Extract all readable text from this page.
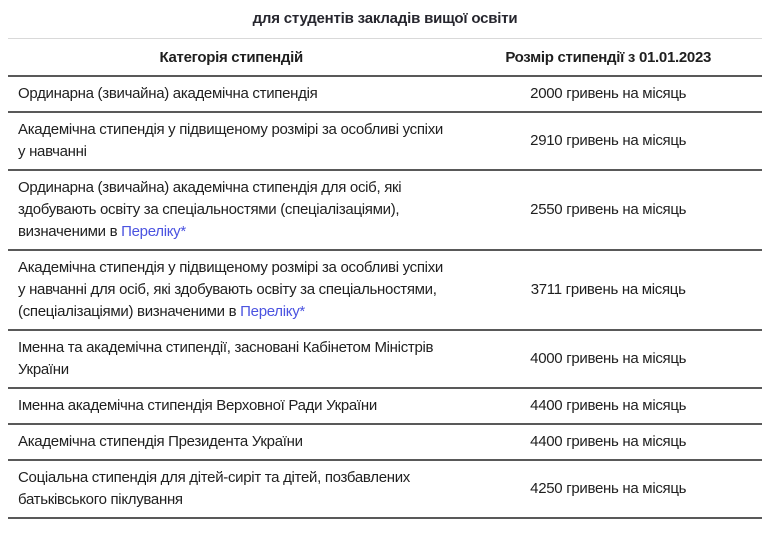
для студентів закладів вищої освіти
Категорія стипендій	Розмір стипендії з 01.01.2023
Ординарна (звичайна) академічна стипендія	2000 гривень на місяць
Академічна стипендія у підвищеному розмірі за особливі успіхи у навчанні	2910 гривень на місяць
Ординарна (звичайна) академічна стипендія для осіб, які здобувають освіту за спеціальностями (спеціалізаціями), визначеними в Переліку*	2550 гривень на місяць
Академічна стипендія у підвищеному розмірі за особливі успіхи у навчанні для осіб, які здобувають освіту за спеціальностями, (спеціалізаціями) визначеними в Переліку*	3711 гривень на місяць
Іменна та академічна стипендії, засновані Кабінетом Міністрів України	4000 гривень на місяць
Іменна академічна стипендія Верховної Ради України	4400 гривень на місяць
Академічна стипендія Президента України	4400 гривень на місяць
Соціальна стипендія для дітей-сиріт та дітей, позбавлених батьківського піклування	4250 гривень на місяць
